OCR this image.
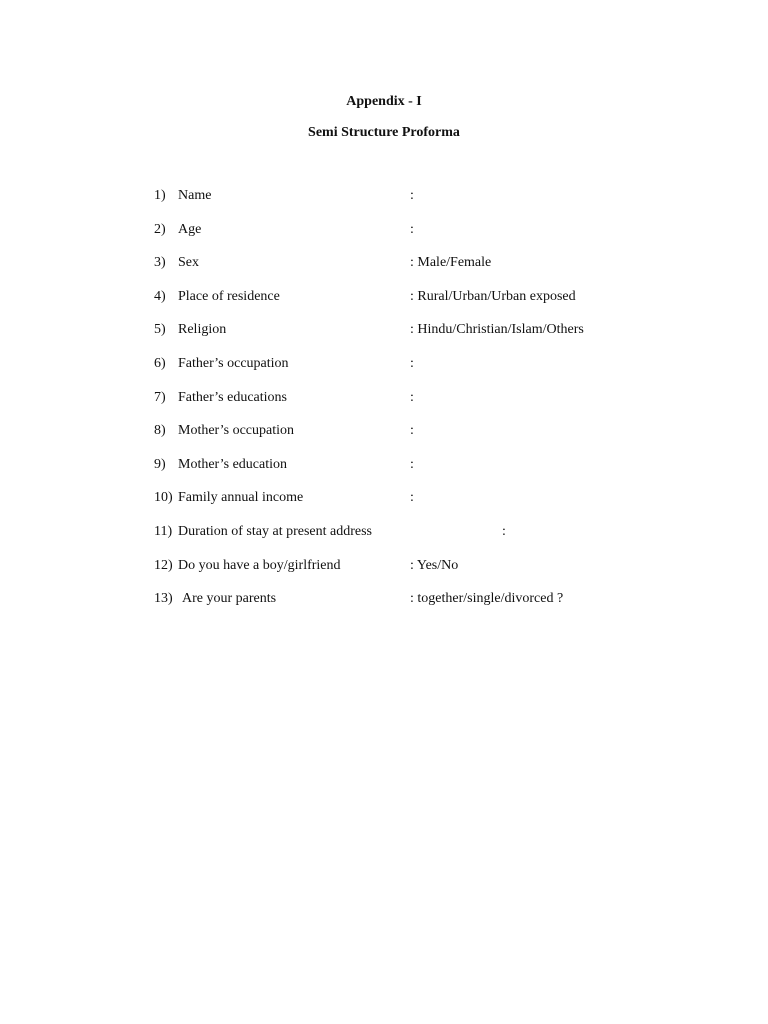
Appendix - I
Semi Structure Proforma
1) Name	:
2) Age	:
3) Sex	: Male/Female
4) Place of residence	: Rural/Urban/Urban exposed
5) Religion	: Hindu/Christian/Islam/Others
6) Father’s occupation	:
7) Father’s educations	:
8) Mother’s occupation	:
9) Mother’s education	:
10) Family annual income	:
11) Duration of stay at present address	:
12) Do you have a boy/girlfriend	: Yes/No
13) Are your parents	: together/single/divorced ?
